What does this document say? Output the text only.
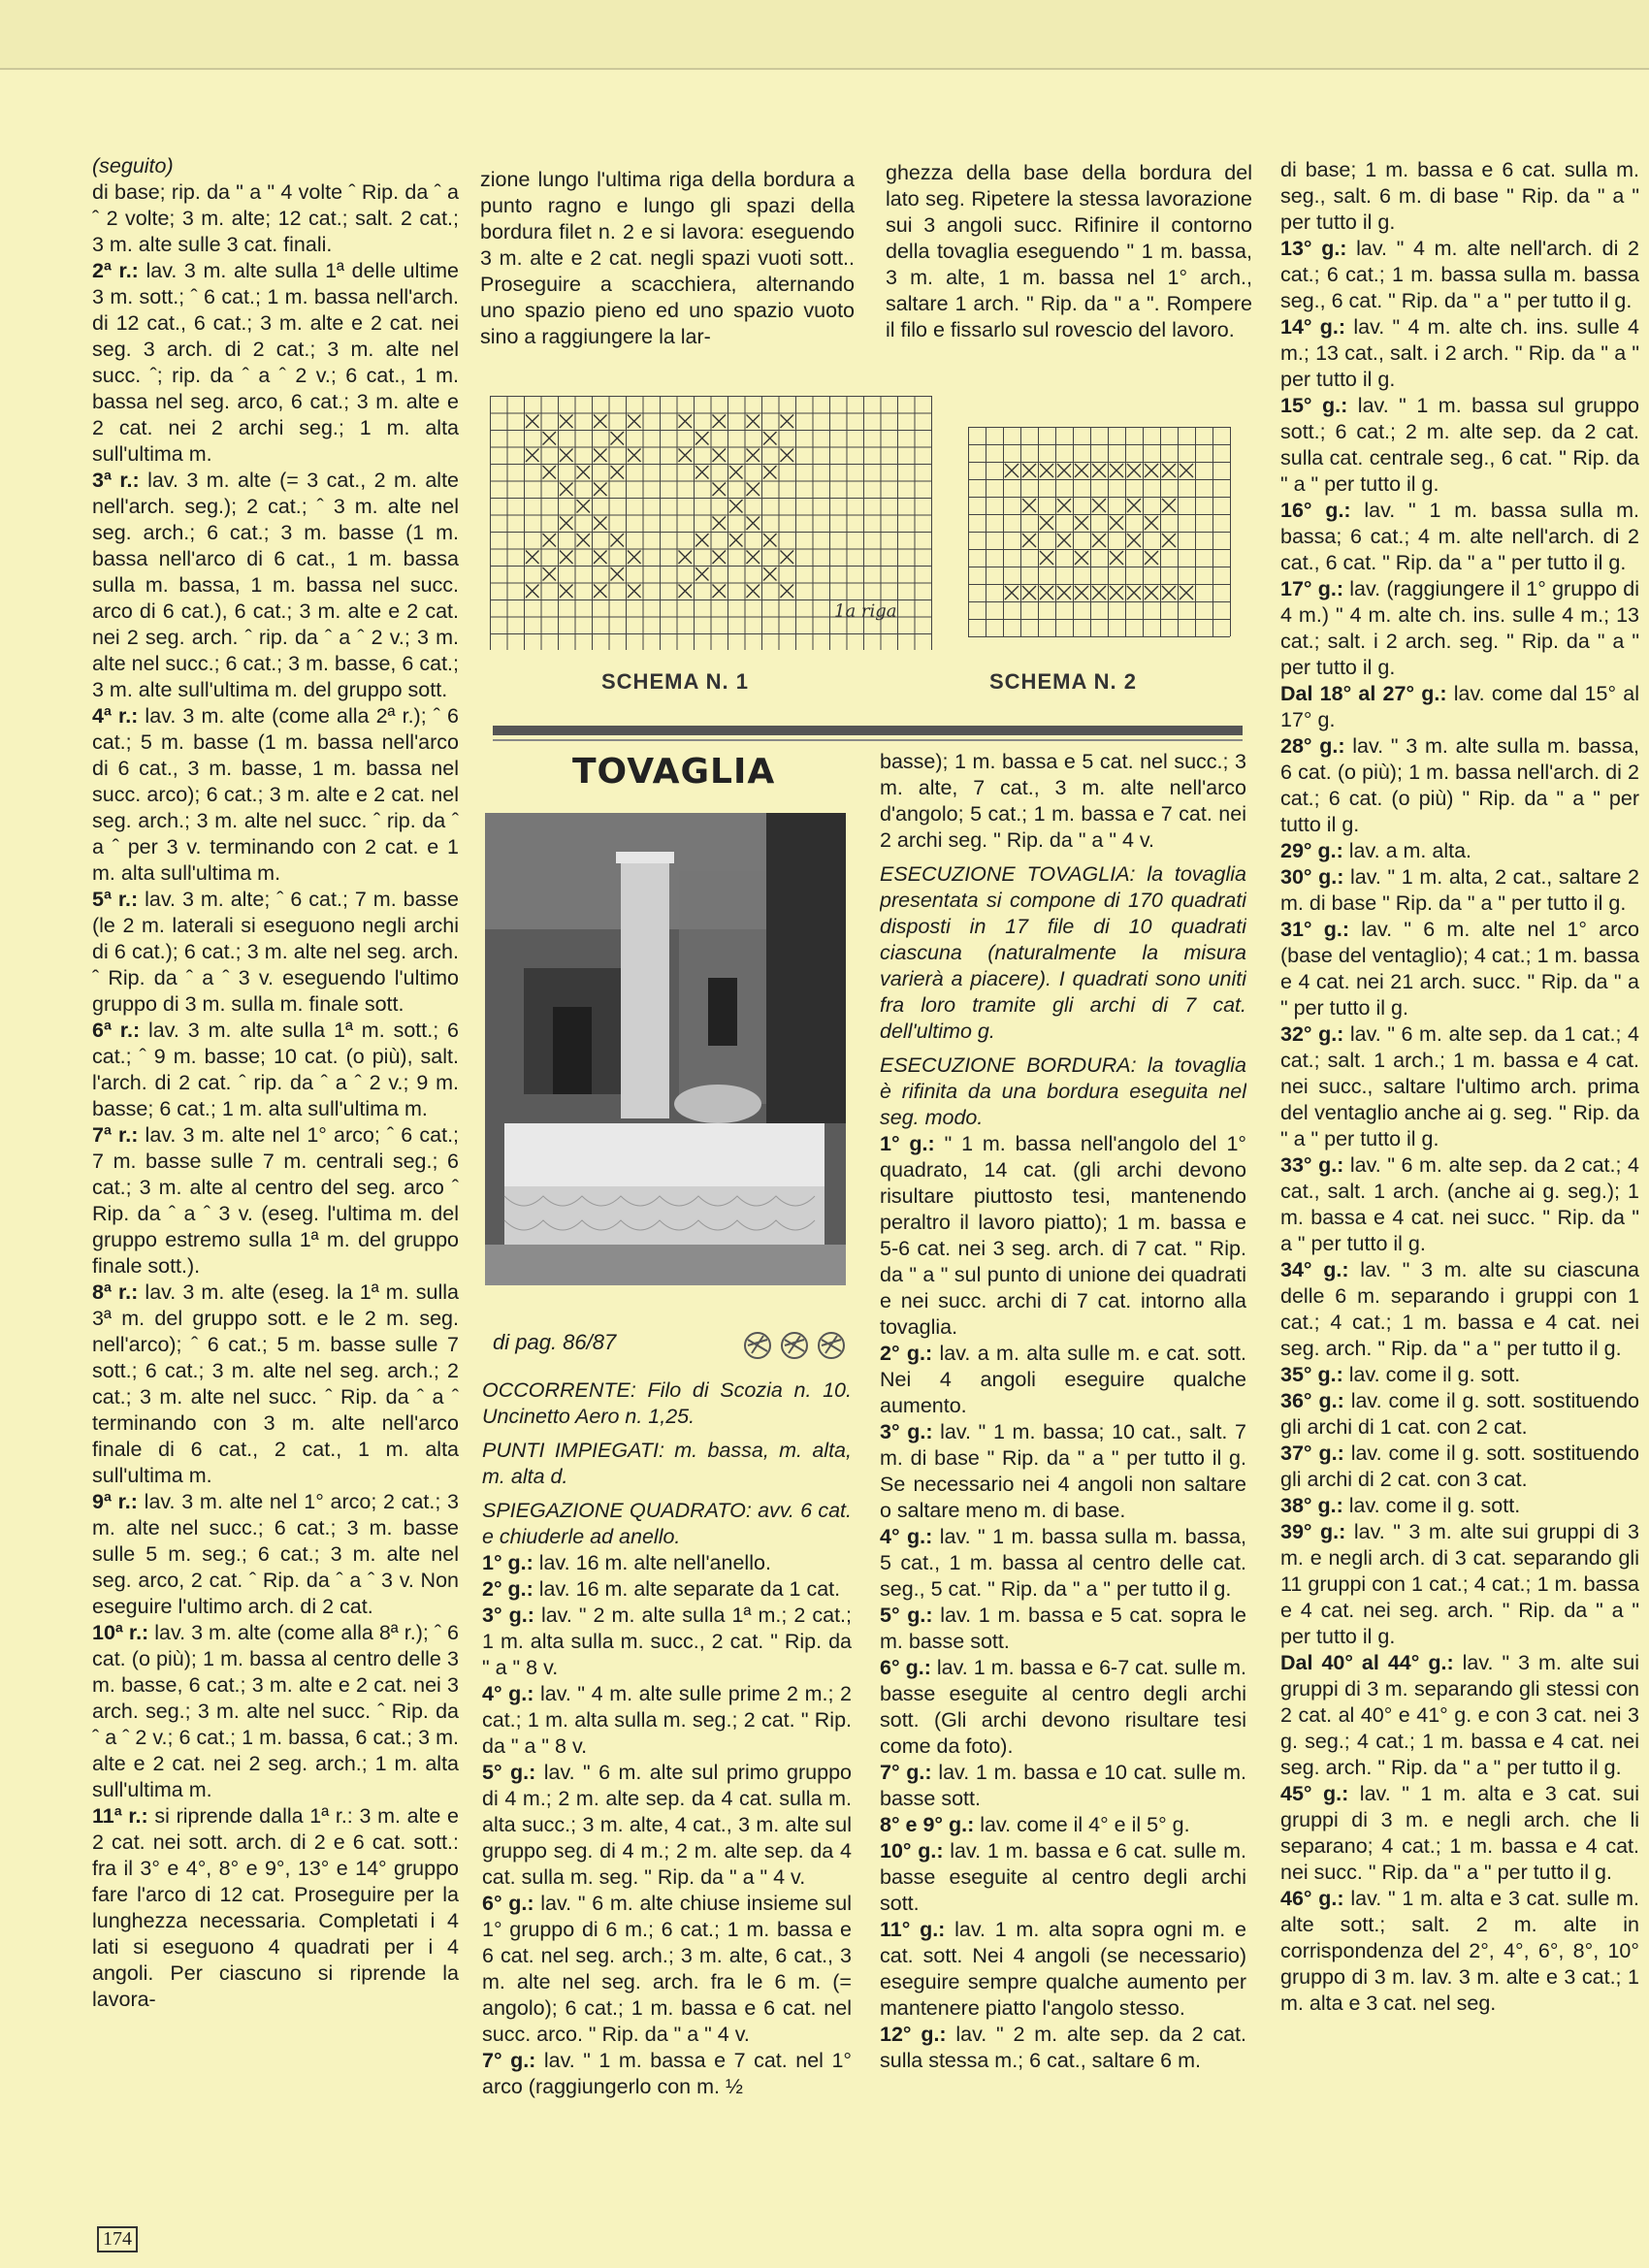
(seguito)

di base; rip. da " a " 4 volte ˆ Rip. da ˆ a ˆ 2 volte; 3 m. alte; 12 cat.; salt. 2 cat.; 3 m. alte sulle 3 cat. finali.

2ª r.: lav. 3 m. alte sulla 1ª delle ultime 3 m. sott.; ˆ 6 cat.; 1 m. bassa nell'arch. di 12 cat., 6 cat.; 3 m. alte e 2 cat. nei seg. 3 arch. di 2 cat.; 3 m. alte nel succ. ˆ; rip. da ˆ a ˆ 2 v.; 6 cat., 1 m. bassa nel seg. arco, 6 cat.; 3 m. alte e 2 cat. nei 2 archi seg.; 1 m. alta sull'ultima m.

3ª r.: lav. 3 m. alte (= 3 cat., 2 m. alte nell'arch. seg.); 2 cat.; ˆ 3 m. alte nel seg. arch.; 6 cat.; 3 m. basse (1 m. bassa nell'arco di 6 cat., 1 m. bassa sulla m. bassa, 1 m. bassa nel succ. arco di 6 cat.), 6 cat.; 3 m. alte e 2 cat. nei 2 seg. arch. ˆ rip. da ˆ a ˆ 2 v.; 3 m. alte nel succ.; 6 cat.; 3 m. basse, 6 cat.; 3 m. alte sull'ultima m. del gruppo sott.

4ª r.: lav. 3 m. alte (come alla 2ª r.); ˆ 6 cat.; 5 m. basse (1 m. bassa nell'arco di 6 cat., 3 m. basse, 1 m. bassa nel succ. arco); 6 cat.; 3 m. alte e 2 cat. nel seg. arch.; 3 m. alte nel succ. ˆ rip. da ˆ a ˆ per 3 v. terminando con 2 cat. e 1 m. alta sull'ultima m.

5ª r.: lav. 3 m. alte; ˆ 6 cat.; 7 m. basse (le 2 m. laterali si eseguono negli archi di 6 cat.); 6 cat.; 3 m. alte nel seg. arch. ˆ Rip. da ˆ a ˆ 3 v. eseguendo l'ultimo gruppo di 3 m. sulla m. finale sott.

6ª r.: lav. 3 m. alte sulla 1ª m. sott.; 6 cat.; ˆ 9 m. basse; 10 cat. (o più), salt. l'arch. di 2 cat. ˆ rip. da ˆ a ˆ 2 v.; 9 m. basse; 6 cat.; 1 m. alta sull'ultima m.

7ª r.: lav. 3 m. alte nel 1° arco; ˆ 6 cat.; 7 m. basse sulle 7 m. centrali seg.; 6 cat.; 3 m. alte al centro del seg. arco ˆ Rip. da ˆ a ˆ 3 v. (eseg. l'ultima m. del gruppo estremo sulla 1ª m. del gruppo finale sott.).

8ª r.: lav. 3 m. alte (eseg. la 1ª m. sulla 3ª m. del gruppo sott. e le 2 m. seg. nell'arco); ˆ 6 cat.; 5 m. basse sulle 7 sott.; 6 cat.; 3 m. alte nel seg. arch.; 2 cat.; 3 m. alte nel succ. ˆ Rip. da ˆ a ˆ terminando con 3 m. alte nell'arco finale di 6 cat., 2 cat., 1 m. alta sull'ultima m.

9ª r.: lav. 3 m. alte nel 1° arco; 2 cat.; 3 m. alte nel succ.; 6 cat.; 3 m. basse sulle 5 m. seg.; 6 cat.; 3 m. alte nel seg. arco, 2 cat. ˆ Rip. da ˆ a ˆ 3 v. Non eseguire l'ultimo arch. di 2 cat.

10ª r.: lav. 3 m. alte (come alla 8ª r.); ˆ 6 cat. (o più); 1 m. bassa al centro delle 3 m. basse, 6 cat.; 3 m. alte e 2 cat. nei 3 arch. seg.; 3 m. alte nel succ. ˆ Rip. da ˆ a ˆ 2 v.; 6 cat.; 1 m. bassa, 6 cat.; 3 m. alte e 2 cat. nei 2 seg. arch.; 1 m. alta sull'ultima m.

11ª r.: si riprende dalla 1ª r.: 3 m. alte e 2 cat. nei sott. arch. di 2 e 6 cat. sott.: fra il 3° e 4°, 8° e 9°, 13° e 14° gruppo fare l'arco di 12 cat. Proseguire per la lunghezza necessaria. Completati i 4 lati si eseguono 4 quadrati per i 4 angoli. Per ciascuno si riprende la lavora-

zione lungo l'ultima riga della bordura a punto ragno e lungo gli spazi della bordura filet n. 2 e si lavora: eseguendo 3 m. alte e 2 cat. negli spazi vuoti sott.. Proseguire a scacchiera, alternando uno spazio pieno ed uno spazio vuoto sino a raggiungere la lar-

ghezza della base della bordura del lato seg. Ripetere la stessa lavorazione sui 3 angoli succ. Rifinire il contorno della tovaglia eseguendo " 1 m. bassa, 3 m. alte, 1 m. bassa nel 1° arch., saltare 1 arch. " Rip. da " a ". Rompere il filo e fissarlo sul rovescio del lavoro.

1a riga
SCHEMA N. 1	SCHEMA N. 2
TOVAGLIA
di pag. 86/87

OCCORRENTE: Filo di Scozia n. 10. Uncinetto Aero n. 1,25.

PUNTI IMPIEGATI: m. bassa, m. alta, m. alta d.

SPIEGAZIONE QUADRATO: avv. 6 cat. e chiuderle ad anello.

1° g.: lav. 16 m. alte nell'anello.

2° g.: lav. 16 m. alte separate da 1 cat.

3° g.: lav. " 2 m. alte sulla 1ª m.; 2 cat.; 1 m. alta sulla m. succ., 2 cat. " Rip. da " a " 8 v.

4° g.: lav. " 4 m. alte sulle prime 2 m.; 2 cat.; 1 m. alta sulla m. seg.; 2 cat. " Rip. da " a " 8 v.

5° g.: lav. " 6 m. alte sul primo gruppo di 4 m.; 2 m. alte sep. da 4 cat. sulla m. alta succ.; 3 m. alte, 4 cat., 3 m. alte sul gruppo seg. di 4 m.; 2 m. alte sep. da 4 cat. sulla m. seg. " Rip. da " a " 4 v.

6° g.: lav. " 6 m. alte chiuse insieme sul 1° gruppo di 6 m.; 6 cat.; 1 m. bassa e 6 cat. nel seg. arch.; 3 m. alte, 6 cat., 3 m. alte nel seg. arch. fra le 6 m. (= angolo); 6 cat.; 1 m. bassa e 6 cat. nel succ. arco. " Rip. da " a " 4 v.

7° g.: lav. " 1 m. bassa e 7 cat. nel 1° arco (raggiungerlo con m. ½

basse); 1 m. bassa e 5 cat. nel succ.; 3 m. alte, 7 cat., 3 m. alte nell'arco d'angolo; 5 cat.; 1 m. bassa e 7 cat. nei 2 archi seg. " Rip. da " a " 4 v.

ESECUZIONE TOVAGLIA: la tovaglia presentata si compone di 170 quadrati disposti in 17 file di 10 quadrati ciascuna (naturalmente la misura varierà a piacere). I quadrati sono uniti fra loro tramite gli archi di 7 cat. dell'ultimo g.

ESECUZIONE BORDURA: la tovaglia è rifinita da una bordura eseguita nel seg. modo.

1° g.: " 1 m. bassa nell'angolo del 1° quadrato, 14 cat. (gli archi devono risultare piuttosto tesi, mantenendo peraltro il lavoro piatto); 1 m. bassa e 5-6 cat. nei 3 seg. arch. di 7 cat. " Rip. da " a " sul punto di unione dei quadrati e nei succ. archi di 7 cat. intorno alla tovaglia.

2° g.: lav. a m. alta sulle m. e cat. sott. Nei 4 angoli eseguire qualche aumento.

3° g.: lav. " 1 m. bassa; 10 cat., salt. 7 m. di base " Rip. da " a " per tutto il g. Se necessario nei 4 angoli non saltare o saltare meno m. di base.

4° g.: lav. " 1 m. bassa sulla m. bassa, 5 cat., 1 m. bassa al centro delle cat. seg., 5 cat. " Rip. da " a " per tutto il g.

5° g.: lav. 1 m. bassa e 5 cat. sopra le m. basse sott.

6° g.: lav. 1 m. bassa e 6-7 cat. sulle m. basse eseguite al centro degli archi sott. (Gli archi devono risultare tesi come da foto).

7° g.: lav. 1 m. bassa e 10 cat. sulle m. basse sott.

8° e 9° g.: lav. come il 4° e il 5° g.

10° g.: lav. 1 m. bassa e 6 cat. sulle m. basse eseguite al centro degli archi sott.

11° g.: lav. 1 m. alta sopra ogni m. e cat. sott. Nei 4 angoli (se necessario) eseguire sempre qualche aumento per mantenere piatto l'angolo stesso.

12° g.: lav. " 2 m. alte sep. da 2 cat. sulla stessa m.; 6 cat., saltare 6 m.

di base; 1 m. bassa e 6 cat. sulla m. seg., salt. 6 m. di base " Rip. da " a " per tutto il g.

13° g.: lav. " 4 m. alte nell'arch. di 2 cat.; 6 cat.; 1 m. bassa sulla m. bassa seg., 6 cat. " Rip. da " a " per tutto il g.

14° g.: lav. " 4 m. alte ch. ins. sulle 4 m.; 13 cat., salt. i 2 arch. " Rip. da " a " per tutto il g.

15° g.: lav. " 1 m. bassa sul gruppo sott.; 6 cat.; 2 m. alte sep. da 2 cat. sulla cat. centrale seg., 6 cat. " Rip. da " a " per tutto il g.

16° g.: lav. " 1 m. bassa sulla m. bassa; 6 cat.; 4 m. alte nell'arch. di 2 cat., 6 cat. " Rip. da " a " per tutto il g.

17° g.: lav. (raggiungere il 1° gruppo di 4 m.) " 4 m. alte ch. ins. sulle 4 m.; 13 cat.; salt. i 2 arch. seg. " Rip. da " a " per tutto il g.

Dal 18° al 27° g.: lav. come dal 15° al 17° g.

28° g.: lav. " 3 m. alte sulla m. bassa, 6 cat. (o più); 1 m. bassa nell'arch. di 2 cat.; 6 cat. (o più) " Rip. da " a " per tutto il g.

29° g.: lav. a m. alta.

30° g.: lav. " 1 m. alta, 2 cat., saltare 2 m. di base " Rip. da " a " per tutto il g.

31° g.: lav. " 6 m. alte nel 1° arco (base del ventaglio); 4 cat.; 1 m. bassa e 4 cat. nei 21 arch. succ. " Rip. da " a " per tutto il g.

32° g.: lav. " 6 m. alte sep. da 1 cat.; 4 cat.; salt. 1 arch.; 1 m. bassa e 4 cat. nei succ., saltare l'ultimo arch. prima del ventaglio anche ai g. seg. " Rip. da " a " per tutto il g.

33° g.: lav. " 6 m. alte sep. da 2 cat.; 4 cat., salt. 1 arch. (anche ai g. seg.); 1 m. bassa e 4 cat. nei succ. " Rip. da " a " per tutto il g.

34° g.: lav. " 3 m. alte su ciascuna delle 6 m. separando i gruppi con 1 cat.; 4 cat.; 1 m. bassa e 4 cat. nei seg. arch. " Rip. da " a " per tutto il g.

35° g.: lav. come il g. sott.

36° g.: lav. come il g. sott. sostituendo gli archi di 1 cat. con 2 cat.

37° g.: lav. come il g. sott. sostituendo gli archi di 2 cat. con 3 cat.

38° g.: lav. come il g. sott.

39° g.: lav. " 3 m. alte sui gruppi di 3 m. e negli arch. di 3 cat. separando gli 11 gruppi con 1 cat.; 4 cat.; 1 m. bassa e 4 cat. nei seg. arch. " Rip. da " a " per tutto il g.

Dal 40° al 44° g.: lav. " 3 m. alte sui gruppi di 3 m. separando gli stessi con 2 cat. al 40° e 41° g. e con 3 cat. nei 3 g. seg.; 4 cat.; 1 m. bassa e 4 cat. nei seg. arch. " Rip. da " a " per tutto il g.

45° g.: lav. " 1 m. alta e 3 cat. sui gruppi di 3 m. e negli arch. che li separano; 4 cat.; 1 m. bassa e 4 cat. nei succ. " Rip. da " a " per tutto il g.

46° g.: lav. " 1 m. alta e 3 cat. sulle m. alte sott.; salt. 2 m. alte in corrispondenza del 2°, 4°, 6°, 8°, 10° gruppo di 3 m. lav. 3 m. alte e 3 cat.; 1 m. alta e 3 cat. nel seg.

174
